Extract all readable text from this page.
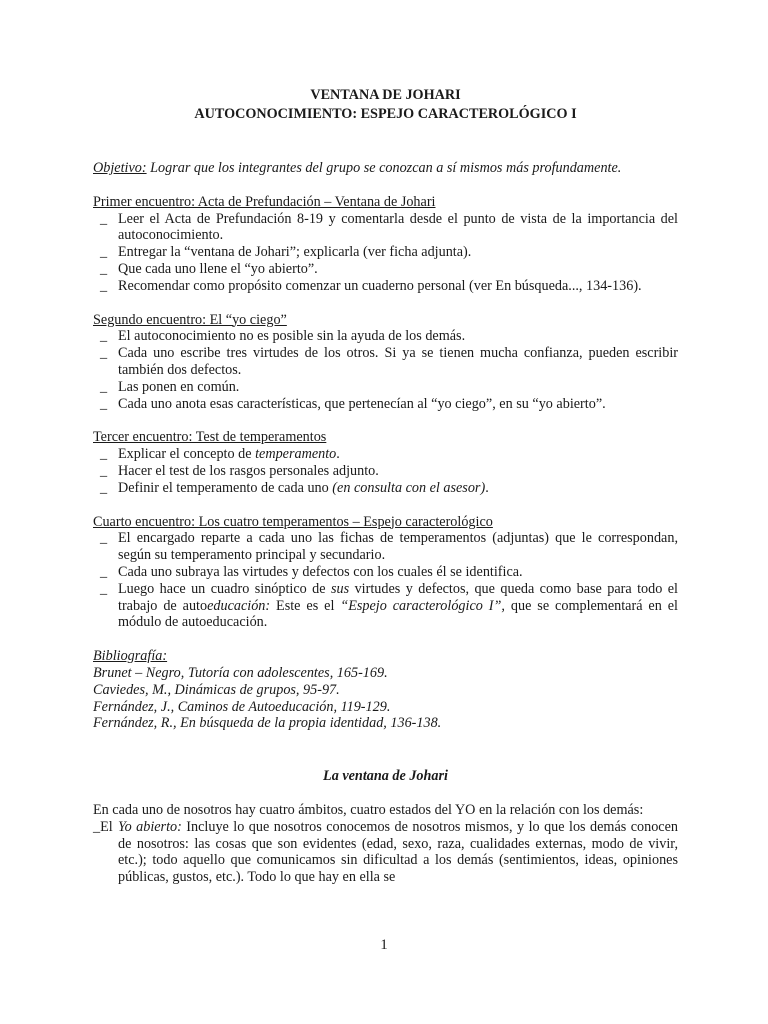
VENTANA DE JOHARI

AUTOCONOCIMIENTO: ESPEJO CARACTEROLÓGICO I

Objetivo: Lograr que los integrantes del grupo se conozcan a sí mismos más profundamente.
Primer encuentro: Acta de Prefundación – Ventana de Johari
_ Leer el Acta de Prefundación 8-19 y comentarla desde el punto de vista de la importancia del autoconocimiento.
_ Entregar la “ventana de Johari”; explicarla (ver ficha adjunta).
_ Que cada uno llene el “yo abierto”.
_ Recomendar como propósito comenzar un cuaderno personal (ver En búsqueda..., 134-136).
Segundo encuentro: El “yo ciego”
_ El autoconocimiento no es posible sin la ayuda de los demás.
_ Cada uno escribe tres virtudes de los otros. Si ya se tienen mucha confianza, pueden escribir también dos defectos.
_ Las ponen en común.
_ Cada uno anota esas características, que pertenecían al “yo ciego”, en su “yo abierto”.
Tercer encuentro: Test de temperamentos
_ Explicar el concepto de temperamento.
_ Hacer el test de los rasgos personales adjunto.
_ Definir el temperamento de cada uno (en consulta con el asesor).
Cuarto encuentro: Los cuatro temperamentos – Espejo caracterológico
_ El encargado reparte a cada uno las fichas de temperamentos (adjuntas) que le correspondan, según su temperamento principal y secundario.
_ Cada uno subraya las virtudes y defectos con los cuales él se identifica.
_ Luego hace un cuadro sinóptico de sus virtudes y defectos, que queda como base para todo el trabajo de autoeducación: Este es el “Espejo caracterológico I”, que se complementará en el módulo de autoeducación.
Bibliografía:
Brunet – Negro, Tutoría con adolescentes, 165-169.
Caviedes, M., Dinámicas de grupos, 95-97.
Fernández, J., Caminos de Autoeducación, 119-129.
Fernández, R., En búsqueda de la propia identidad, 136-138.
La ventana de Johari
En cada uno de nosotros hay cuatro ámbitos, cuatro estados del YO en la relación con los demás:
_El Yo abierto: Incluye lo que nosotros conocemos de nosotros mismos, y lo que los demás conocen de nosotros: las cosas que son evidentes (edad, sexo, raza, cualidades externas, modo de vivir, etc.); todo aquello que comunicamos sin dificultad a los demás (sentimientos, ideas, opiniones públicas, gustos, etc.). Todo lo que hay en ella se
1
